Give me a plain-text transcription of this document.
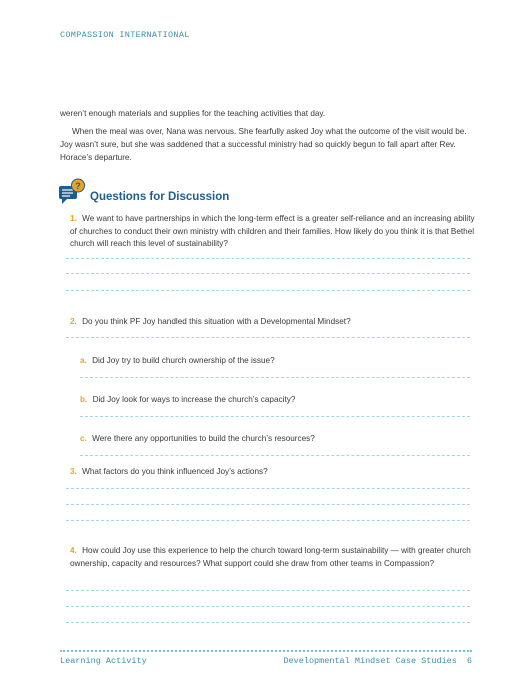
COMPASSION INTERNATIONAL

weren’t enough materials and supplies for the teaching activities that day.

When the meal was over, Nana was nervous. She fearfully asked Joy what the outcome of the visit would be. Joy wasn’t sure, but she was saddened that a successful ministry had so quickly begun to fall apart after Rev. Horace’s departure.

?
Questions for Discussion
1. We want to have partnerships in which the long-term effect is a greater self-reliance and an increasing ability of churches to conduct their own ministry with children and their families. How likely do you think it is that Bethel church will reach this level of sustainability?
2. Do you think PF Joy handled this situation with a Developmental Mindset?
a. Did Joy try to build church ownership of the issue?
b. Did Joy look for ways to increase the church’s capacity?
c. Were there any opportunities to build the church’s resources?
3. What factors do you think influenced Joy’s actions?
4. How could Joy use this experience to help the church toward long-term sustainability — with greater church ownership, capacity and resources? What support could she draw from other teams in Compassion?
Learning Activity	Developmental Mindset Case Studies 6
